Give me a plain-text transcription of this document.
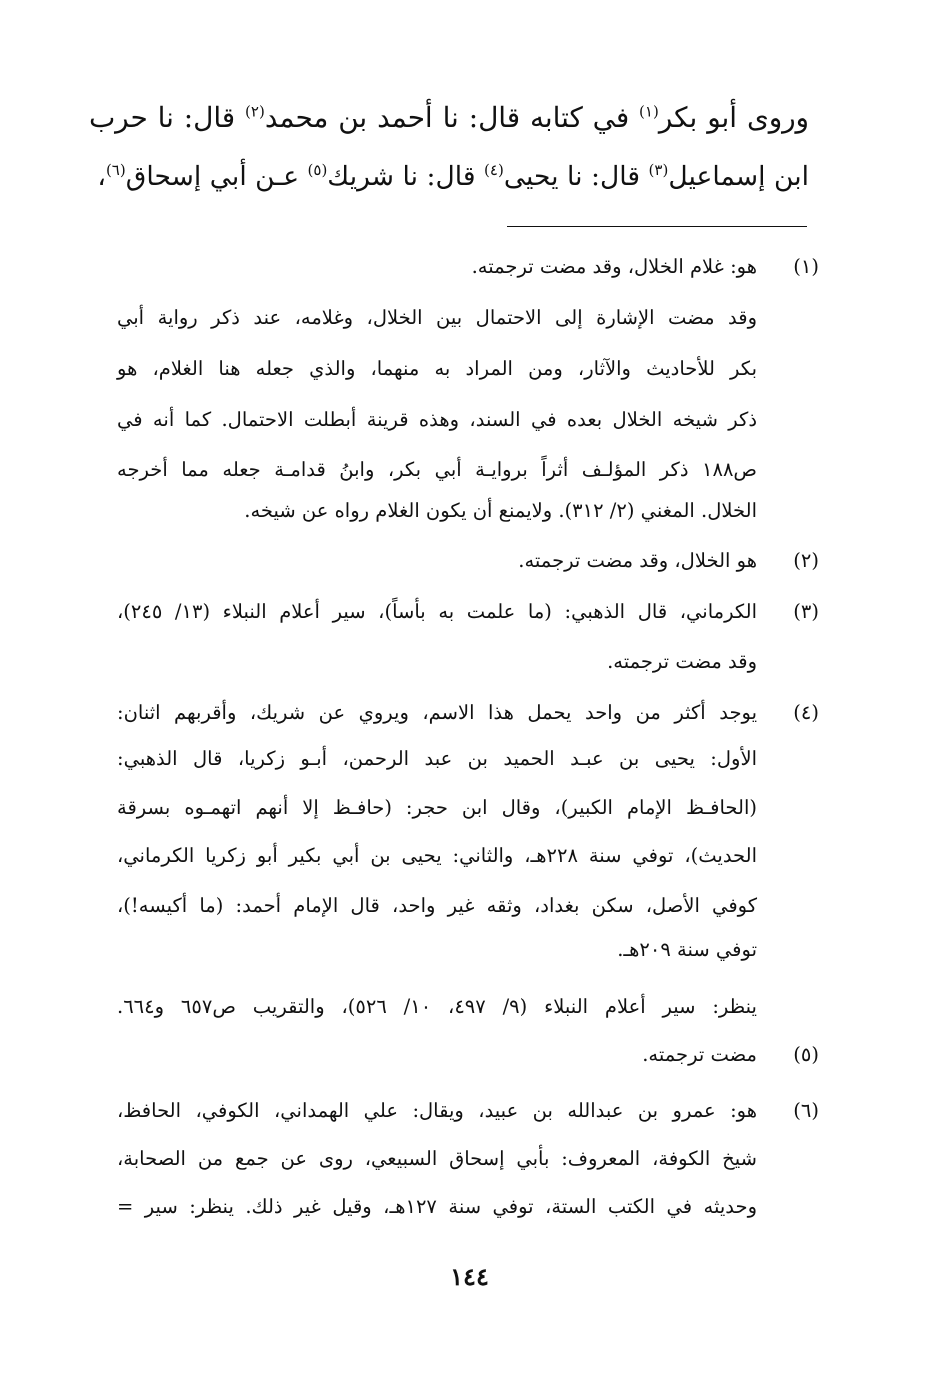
وروى أبو بكر$^{(١)}$ في كتابه قال: نا أحمد بن محمد$^{(٢)}$ قال: نا حرب
ابن إسماعيل$^{(٣)}$ قال: نا يحيى$^{(٤)}$ قال: نا شريك$^{(٥)}$ عـن أبي إسحاق$^{(٦)}$،
(١)
هو: غلام الخلال، وقد مضت ترجمته.
وقد مضت الإشارة إلى الاحتمال بين الخلال، وغلامه، عند ذكر رواية أبي
بكر للأحاديث والآثار، ومن المراد به منهما، والذي جعله هنا الغلام، هو
ذكر شيخه الخلال بعده في السند، وهذه قرينة أبطلت الاحتمال. كما أنه في
ص١٨٨ ذكر المؤلـف أثراً بروايـة أبي بكر، وابنُ قدامـة جعله مما أخرجه
الخلال. المغني (٢/ ٣١٢). ولايمنع أن يكون الغلام رواه عن شيخه.
(٢)
هو الخلال، وقد مضت ترجمته.
(٣)
الكرماني، قال الذهبي: (ما علمت به بأساً)، سير أعلام النبلاء (١٣/ ٢٤٥)،
وقد مضت ترجمته.
(٤)
يوجد أكثر من واحد يحمل هذا الاسم، ويروي عن شريك، وأقربهم اثنان:
الأول: يحيى بن عبـد الحميد بن عبد الرحمن، أبـو زكريا، قال الذهبي:
(الحافـظ الإمام الكبير)، وقال ابن حجر: (حافـظ إلا أنهم اتهمـوه بسرقة
الحديث)، توفي سنة ٢٢٨هـ، والثاني: يحيى بن أبي بكير أبو زكريا الكرماني،
كوفي الأصل، سكن بغداد، وثقه غير واحد، قال الإمام أحمد: (ما أكيسه!)،
توفي سنة ٢٠٩هـ.
ينظر: سير أعلام النبلاء (٩/ ٤٩٧، ١٠/ ٥٢٦)، والتقريب ص٦٥٧ و٦٦٤.
(٥)
مضت ترجمته.
(٦)
هو: عمرو بن عبدالله بن عبيد، ويقال: علي الهمداني، الكوفي، الحافظ،
شيخ الكوفة، المعروف: بأبي إسحاق السبيعي، روى عن جمع من الصحابة،
وحديثه في الكتب الستة، توفي سنة ١٢٧هـ، وقيل غير ذلك. ينظر: سير =
١٤٤
